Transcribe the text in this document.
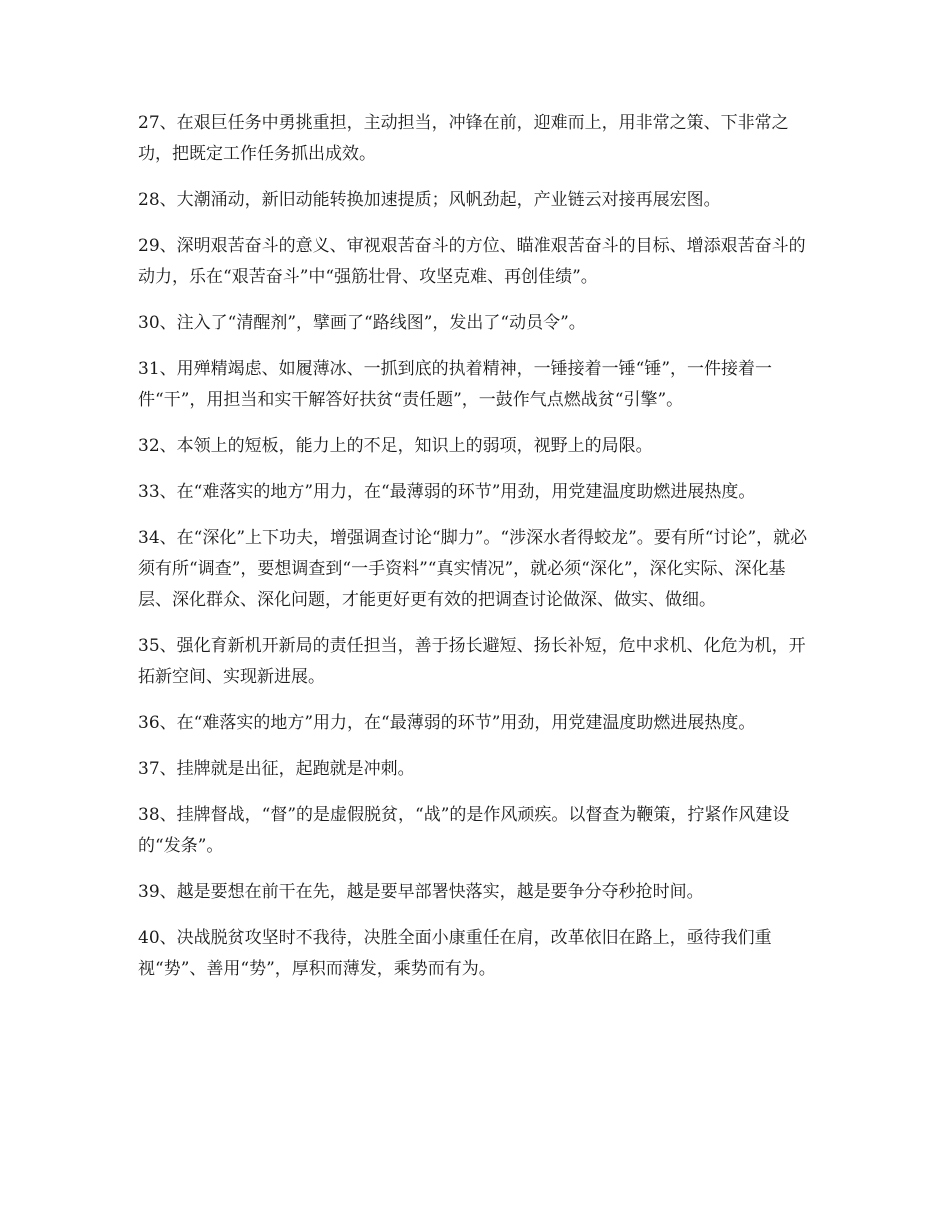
27、在艰巨任务中勇挑重担，主动担当，冲锋在前，迎难而上，用非常之策、下非常之功，把既定工作任务抓出成效。

28、大潮涌动，新旧动能转换加速提质；风帆劲起，产业链云对接再展宏图。

29、深明艰苦奋斗的意义、审视艰苦奋斗的方位、瞄准艰苦奋斗的目标、增添艰苦奋斗的动力，乐在“艰苦奋斗”中“强筋壮骨、攻坚克难、再创佳绩”。

30、注入了“清醒剂”，擘画了“路线图”，发出了“动员令”。

31、用殚精竭虑、如履薄冰、一抓到底的执着精神，一锤接着一锤“锤”，一件接着一件“干”，用担当和实干解答好扶贫“责任题”，一鼓作气点燃战贫“引擎”。

32、本领上的短板，能力上的不足，知识上的弱项，视野上的局限。

33、在“难落实的地方”用力，在“最薄弱的环节”用劲，用党建温度助燃进展热度。

34、在“深化”上下功夫，增强调查讨论“脚力”。“涉深水者得蛟龙”。要有所“讨论”，就必须有所“调查”，要想调查到“一手资料”“真实情况”，就必须“深化”，深化实际、深化基层、深化群众、深化问题，才能更好更有效的把调查讨论做深、做实、做细。

35、强化育新机开新局的责任担当，善于扬长避短、扬长补短，危中求机、化危为机，开拓新空间、实现新进展。

36、在“难落实的地方”用力，在“最薄弱的环节”用劲，用党建温度助燃进展热度。

37、挂牌就是出征，起跑就是冲刺。

38、挂牌督战，“督”的是虚假脱贫，“战”的是作风顽疾。以督查为鞭策，拧紧作风建设的“发条”。

39、越是要想在前干在先，越是要早部署快落实，越是要争分夺秒抢时间。

40、决战脱贫攻坚时不我待，决胜全面小康重任在肩，改革依旧在路上，亟待我们重视“势”、善用“势”，厚积而薄发，乘势而有为。
